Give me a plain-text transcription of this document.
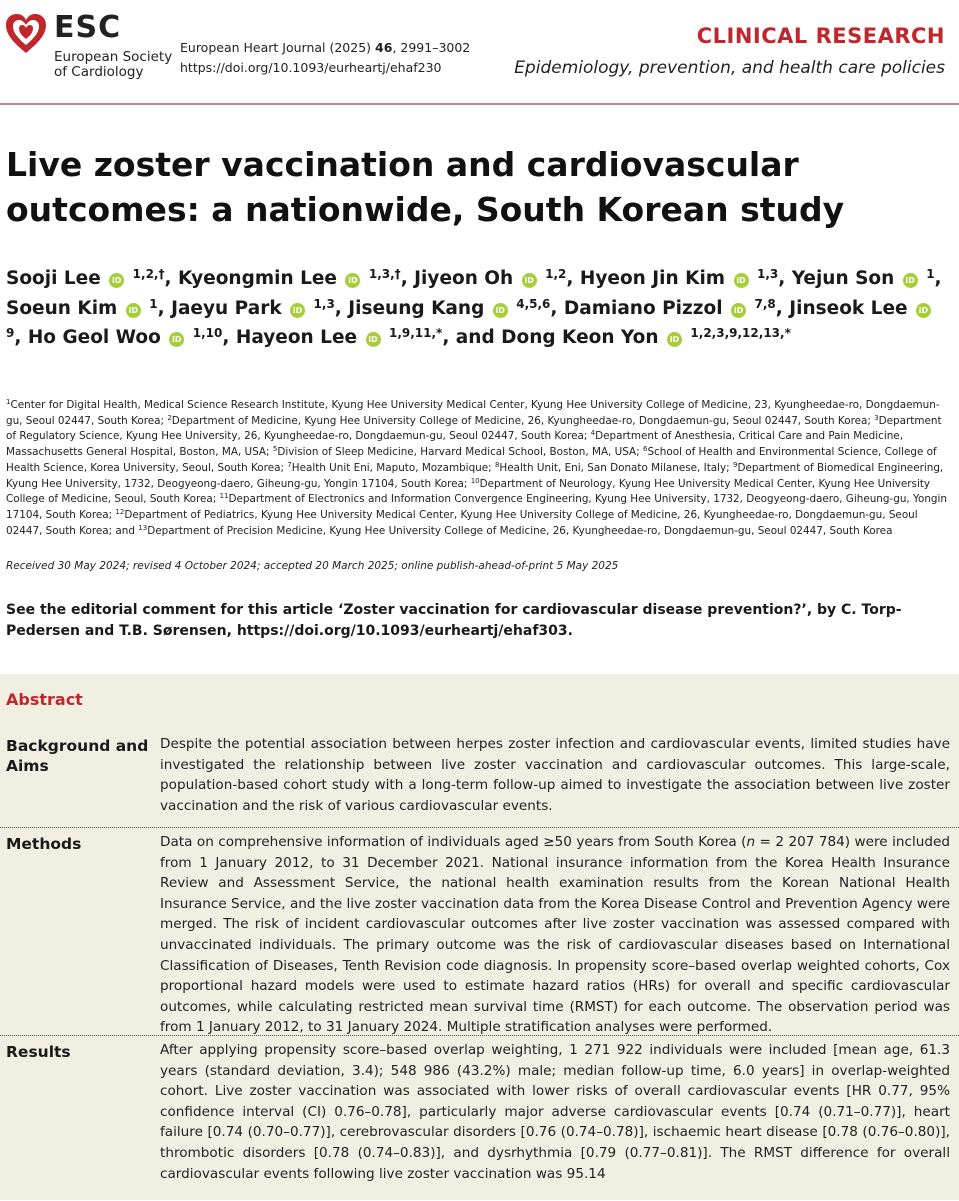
ESC
European Society
of Cardiology
European Heart Journal (2025) 46, 2991–3002
https://doi.org/10.1093/eurheartj/ehaf230
CLINICAL RESEARCH
Epidemiology, prevention, and health care policies
Live zoster vaccination and cardiovascular outcomes: a nationwide, South Korean study
Sooji Lee iD $^{1,2,\dagger}$, Kyeongmin Lee iD $^{1,3,\dagger}$, Jiyeon Oh iD $^{1,2}$, Hyeon Jin Kim iD $^{1,3}$, Yejun Son iD $^1$, Soeun Kim iD $^1$, Jaeyu Park iD $^{1,3}$, Jiseung Kang iD $^{4,5,6}$, Damiano Pizzol iD $^{7,8}$, Jinseok Lee iD $^9$, Ho Geol Woo iD $^{1,10}$, Hayeon Lee iD $^{1,9,11,*}$, and Dong Keon Yon iD $^{1,2,3,9,12,13,*}$
$^1$Center for Digital Health, Medical Science Research Institute, Kyung Hee University Medical Center, Kyung Hee University College of Medicine, 23, Kyungheedae-ro, Dongdaemun-gu, Seoul 02447, South Korea; $^2$Department of Medicine, Kyung Hee University College of Medicine, 26, Kyungheedae-ro, Dongdaemun-gu, Seoul 02447, South Korea; $^3$Department of Regulatory Science, Kyung Hee University, 26, Kyungheedae-ro, Dongdaemun-gu, Seoul 02447, South Korea; $^4$Department of Anesthesia, Critical Care and Pain Medicine, Massachusetts General Hospital, Boston, MA, USA; $^5$Division of Sleep Medicine, Harvard Medical School, Boston, MA, USA; $^6$School of Health and Environmental Science, College of Health Science, Korea University, Seoul, South Korea; $^7$Health Unit Eni, Maputo, Mozambique; $^8$Health Unit, Eni, San Donato Milanese, Italy; $^9$Department of Biomedical Engineering, Kyung Hee University, 1732, Deogyeong-daero, Giheung-gu, Yongin 17104, South Korea; $^{10}$Department of Neurology, Kyung Hee University Medical Center, Kyung Hee University College of Medicine, Seoul, South Korea; $^{11}$Department of Electronics and Information Convergence Engineering, Kyung Hee University, 1732, Deogyeong-daero, Giheung-gu, Yongin 17104, South Korea; $^{12}$Department of Pediatrics, Kyung Hee University Medical Center, Kyung Hee University College of Medicine, 26, Kyungheedae-ro, Dongdaemun-gu, Seoul 02447, South Korea; and $^{13}$Department of Precision Medicine, Kyung Hee University College of Medicine, 26, Kyungheedae-ro, Dongdaemun-gu, Seoul 02447, South Korea
Received 30 May 2024; revised 4 October 2024; accepted 20 March 2025; online publish-ahead-of-print 5 May 2025
See the editorial comment for this article ‘Zoster vaccination for cardiovascular disease prevention?’, by C. Torp-Pedersen and T.B. Sørensen, https://doi.org/10.1093/eurheartj/ehaf303.
Abstract
Background and Aims
Despite the potential association between herpes zoster infection and cardiovascular events, limited studies have investigated the relationship between live zoster vaccination and cardiovascular outcomes. This large-scale, population-based cohort study with a long-term follow-up aimed to investigate the association between live zoster vaccination and the risk of various cardiovascular events.
Methods	Data on comprehensive information of individuals aged ≥50 years from South Korea (n = 2 207 784) were included from 1 January 2012, to 31 December 2021. National insurance information from the Korea Health Insurance Review and Assessment Service, the national health examination results from the Korean National Health Insurance Service, and the live zoster vaccination data from the Korea Disease Control and Prevention Agency were merged. The risk of incident cardiovascular outcomes after live zoster vaccination was assessed compared with unvaccinated individuals. The primary outcome was the risk of cardiovascular diseases based on International Classification of Diseases, Tenth Revision code diagnosis. In propensity score–based overlap weighted cohorts, Cox proportional hazard models were used to estimate hazard ratios (HRs) for overall and specific cardiovascular outcomes, while calculating restricted mean survival time (RMST) for each outcome. The observation period was from 1 January 2012, to 31 January 2024. Multiple stratification analyses were performed.
Results	After applying propensity score–based overlap weighting, 1 271 922 individuals were included [mean age, 61.3 years (standard deviation, 3.4); 548 986 (43.2%) male; median follow-up time, 6.0 years] in overlap-weighted cohort. Live zoster vaccination was associated with lower risks of overall cardiovascular events [HR 0.77, 95% confidence interval (CI) 0.76–0.78], particularly major adverse cardiovascular events [0.74 (0.71–0.77)], heart failure [0.74 (0.70–0.77)], cerebrovascular disorders [0.76 (0.74–0.78)], ischaemic heart disease [0.78 (0.76–0.80)], thrombotic disorders [0.78 (0.74–0.83)], and dysrhythmia [0.79 (0.77–0.81)]. The RMST difference for overall cardiovascular events following live zoster vaccination was 95.14
